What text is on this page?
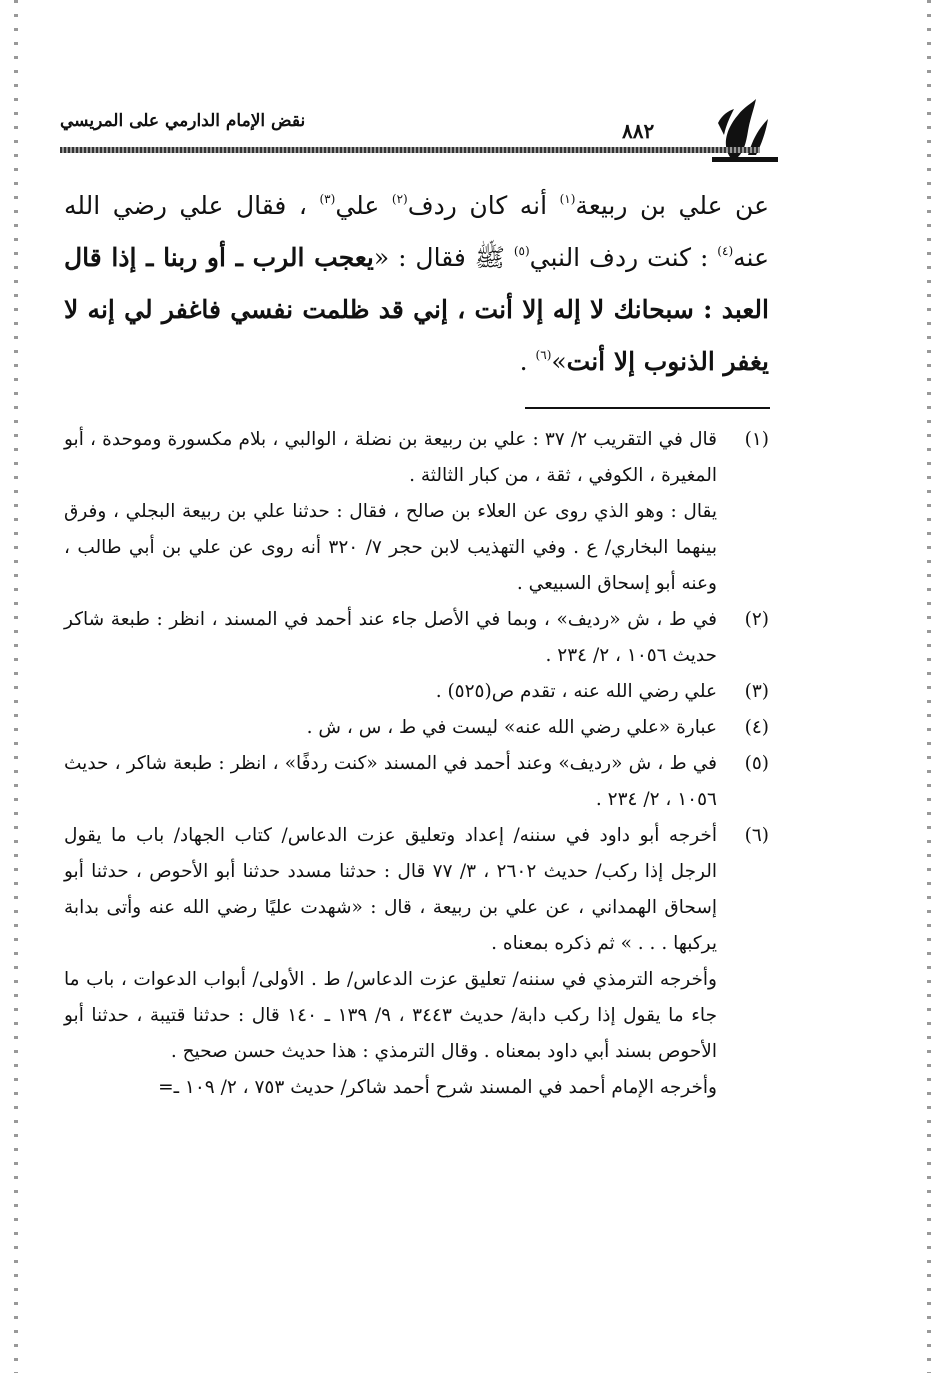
نقض الإمام الدارمي على المريسي	٨٨٢
عن علي بن ربيعة$^{(١)}$ أنه كان ردف$^{(٢)}$ علي$^{(٣)}$ ، فقال علي رضي الله عنه$^{(٤)}$ : كنت ردف النبي$^{(٥)}$ ﷺ فقال : «يعجب الرب ـ أو ربنا ـ إذا قال العبد : سبحانك لا إله إلا أنت ، إني قد ظلمت نفسي فاغفر لي إنه لا يغفر الذنوب إلا أنت»$^{(٦)}$ .
(١)

قال في التقريب ٢/ ٣٧ : علي بن ربيعة بن نضلة ، الوالبي ، بلام مكسورة وموحدة ، أبو المغيرة ، الكوفي ، ثقة ، من كبار الثالثة .

يقال : وهو الذي روى عن العلاء بن صالح ، فقال : حدثنا علي بن ربيعة البجلي ، وفرق بينهما البخاري/ ع . وفي التهذيب لابن حجر ٧/ ٣٢٠ أنه روى عن علي بن أبي طالب ، وعنه أبو إسحاق السبيعي .

(٢)

في ط ، ش «رديف» ، وبما في الأصل جاء عند أحمد في المسند ، انظر : طبعة شاكر حديث ١٠٥٦ ، ٢/ ٢٣٤ .

(٣)

علي رضي الله عنه ، تقدم ص(٥٢٥) .

(٤)

عبارة «علي رضي الله عنه» ليست في ط ، س ، ش .

(٥)

في ط ، ش «رديف» وعند أحمد في المسند «كنت ردفًا» ، انظر : طبعة شاكر ، حديث ١٠٥٦ ، ٢/ ٢٣٤ .

(٦)

أخرجه أبو داود في سننه/ إعداد وتعليق عزت الدعاس/ كتاب الجهاد/ باب ما يقول الرجل إذا ركب/ حديث ٢٦٠٢ ، ٣/ ٧٧ قال : حدثنا مسدد حدثنا أبو الأحوص ، حدثنا أبو إسحاق الهمداني ، عن علي بن ربيعة ، قال : «شهدت عليًا رضي الله عنه وأتى بدابة يركبها . . . » ثم ذكره بمعناه .

وأخرجه الترمذي في سننه/ تعليق عزت الدعاس/ ط . الأولى/ أبواب الدعوات ، باب ما جاء ما يقول إذا ركب دابة/ حديث ٣٤٤٣ ، ٩/ ١٣٩ ـ ١٤٠ قال : حدثنا قتيبة ، حدثنا أبو الأحوص بسند أبي داود بمعناه . وقال الترمذي : هذا حديث حسن صحيح .

وأخرجه الإمام أحمد في المسند شرح أحمد شاكر/ حديث ٧٥٣ ، ٢/ ١٠٩ ـ=
